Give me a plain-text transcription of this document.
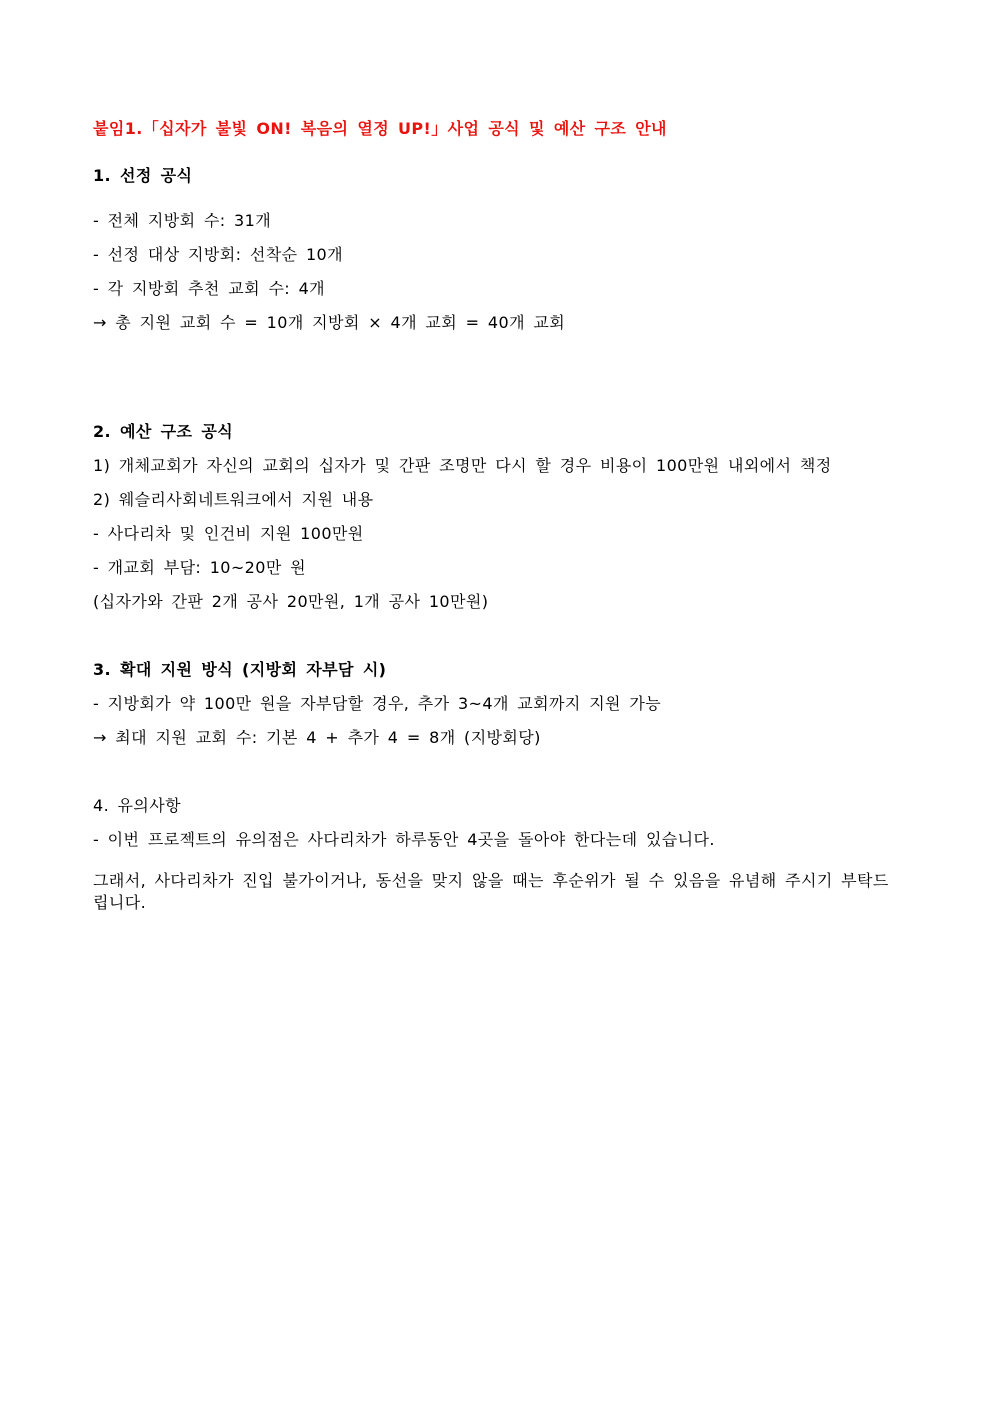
붙임1.「십자가 불빛 ON! 복음의 열정 UP!」사업 공식 및 예산 구조 안내
1. 선정 공식
- 전체 지방회 수: 31개
- 선정 대상 지방회: 선착순 10개
- 각 지방회 추천 교회 수: 4개
→ 총 지원 교회 수 = 10개 지방회 × 4개 교회 = 40개 교회
2. 예산 구조 공식
1) 개체교회가 자신의 교회의 십자가 및 간판 조명만 다시 할 경우 비용이 100만원 내외에서 책정
2) 웨슬리사회네트워크에서 지원 내용
- 사다리차 및 인건비 지원 100만원
- 개교회 부담: 10~20만 원
(십자가와 간판 2개 공사 20만원, 1개 공사 10만원)
3. 확대 지원 방식 (지방회 자부담 시)
- 지방회가 약 100만 원을 자부담할 경우, 추가 3~4개 교회까지 지원 가능
→ 최대 지원 교회 수: 기본 4 + 추가 4 = 8개 (지방회당)
4. 유의사항
- 이번 프로젝트의 유의점은 사다리차가 하루동안 4곳을 돌아야 한다는데 있습니다.
그래서, 사다리차가 진입 불가이거나, 동선을 맞지 않을 때는 후순위가 될 수 있음을 유념해 주시기 부탁드립니다.
